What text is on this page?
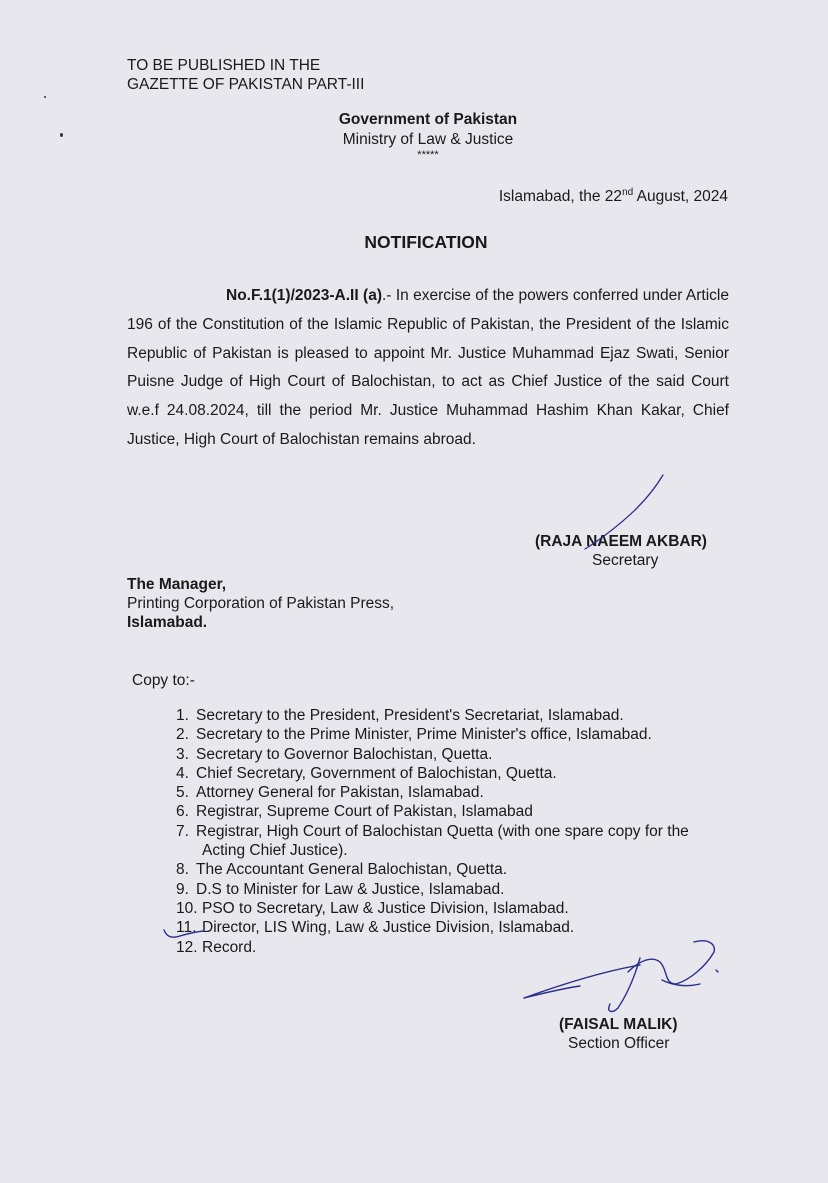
TO BE PUBLISHED IN THE
GAZETTE OF PAKISTAN PART-III
Government of Pakistan
Ministry of Law & Justice
*****
Islamabad, the 22nd August, 2024
NOTIFICATION
No.F.1(1)/2023-A.II (a).- In exercise of the powers conferred under Article 196 of the Constitution of the Islamic Republic of Pakistan, the President of the Islamic Republic of Pakistan is pleased to appoint Mr. Justice Muhammad Ejaz Swati, Senior Puisne Judge of High Court of Balochistan, to act as Chief Justice of the said Court w.e.f 24.08.2024, till the period Mr. Justice Muhammad Hashim Khan Kakar, Chief Justice, High Court of Balochistan remains abroad.
(RAJA NAEEM AKBAR)
Secretary
The Manager,
Printing Corporation of Pakistan Press,
Islamabad.
Copy to:-
1. Secretary to the President, President's Secretariat, Islamabad.
2. Secretary to the Prime Minister, Prime Minister's office, Islamabad.
3. Secretary to Governor Balochistan, Quetta.
4. Chief Secretary, Government of Balochistan, Quetta.
5. Attorney General for Pakistan, Islamabad.
6. Registrar, Supreme Court of Pakistan, Islamabad
7. Registrar, High Court of Balochistan Quetta (with one spare copy for the
Acting Chief Justice).
8. The Accountant General Balochistan, Quetta.
9. D.S to Minister for Law & Justice, Islamabad.
10. PSO to Secretary, Law & Justice Division, Islamabad.
11. Director, LIS Wing, Law & Justice Division, Islamabad.
12. Record.
(FAISAL MALIK)
Section Officer
